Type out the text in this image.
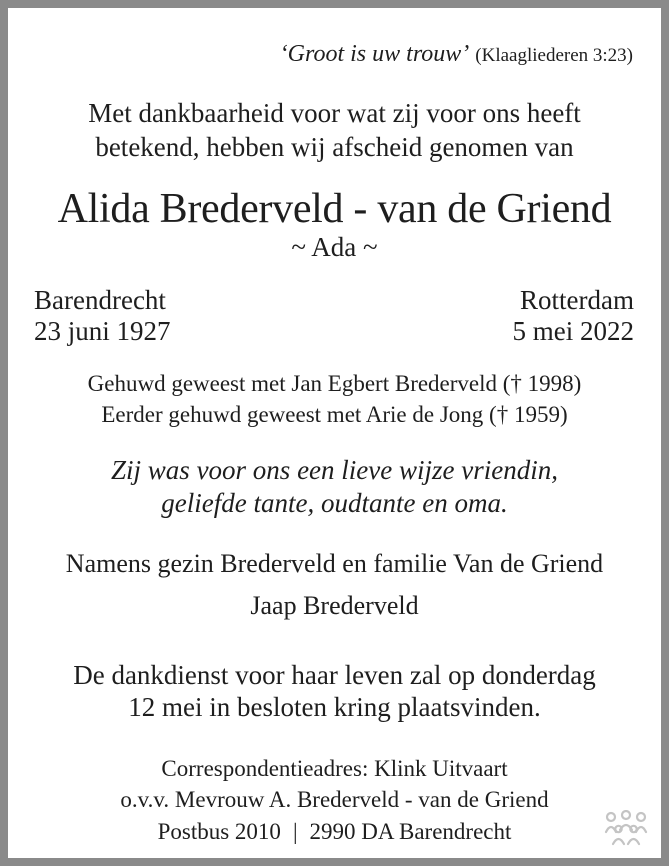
‘Groot is uw trouw’ (Klaagliederen 3:23)
Met dankbaarheid voor wat zij voor ons heeft
betekend, hebben wij afscheid genomen van
Alida Brederveld - van de Griend
~ Ada ~
Barendrecht
23 juni 1927
Rotterdam
5 mei 2022
Gehuwd geweest met Jan Egbert Brederveld († 1998)
Eerder gehuwd geweest met Arie de Jong († 1959)
Zij was voor ons een lieve wijze vriendin,
geliefde tante, oudtante en oma.
Namens gezin Brederveld en familie Van de Griend
Jaap Brederveld
De dankdienst voor haar leven zal op donderdag
12 mei in besloten kring plaatsvinden.
Correspondentieadres: Klink Uitvaart
o.v.v. Mevrouw A. Brederveld - van de Griend
Postbus 2010 | 2990 DA Barendrecht
